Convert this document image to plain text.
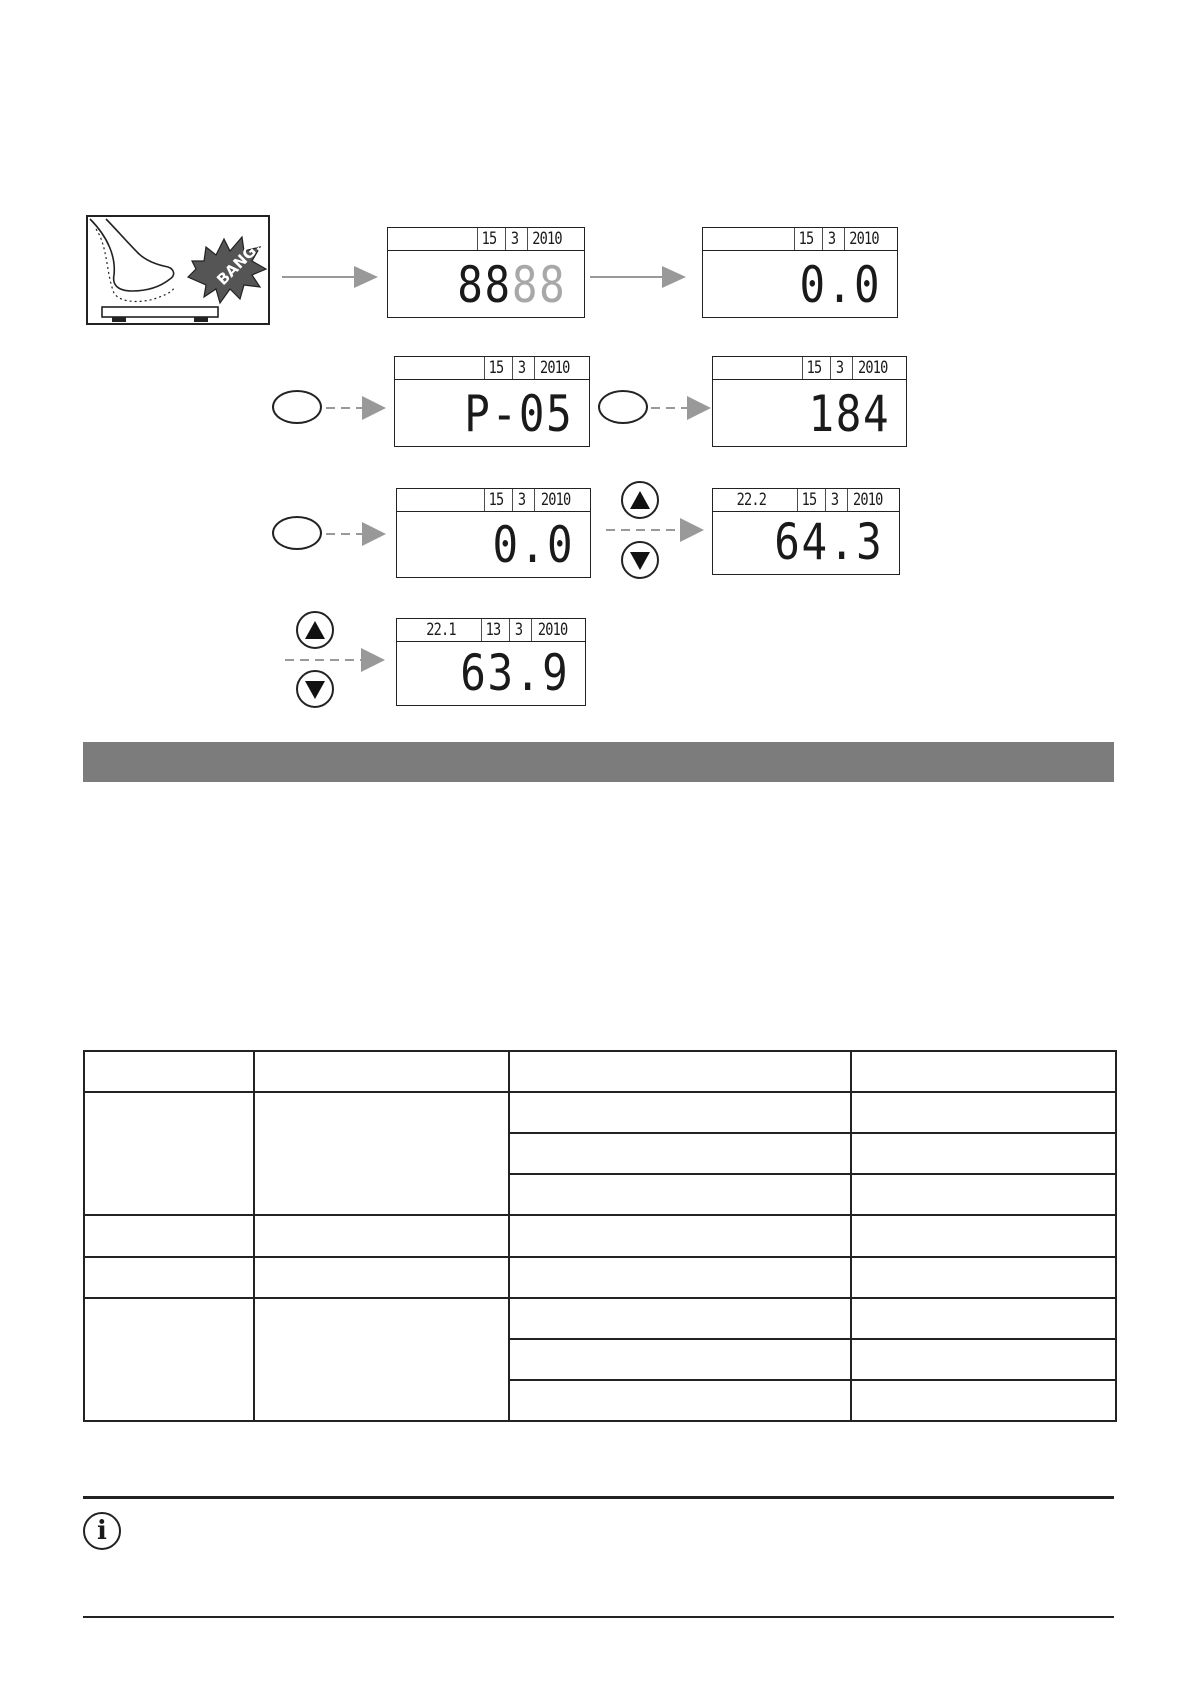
BANG!	15 3 2010
8888
15 3 2010
0.0
15 3 2010
P-05
15 3 2010
184
15 3 2010
0.0
22.2 15 3 2010
64.3
22.1 13 3 2010
63.9

i
